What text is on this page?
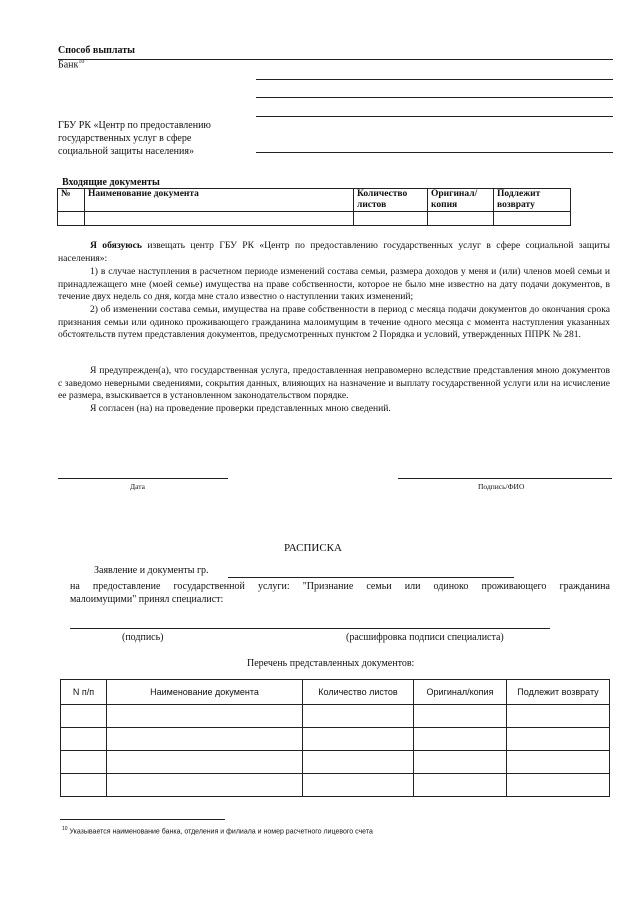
Способ выплаты
Банк$^{10}$
ГБУ РК «Центр по предоставлению
государственных услуг в сфере
социальной защиты населения»
Входящие документы
№	Наименование документа	Количество листов	Оригинал/ копия	Подлежит возврату

Я обязуюсь извещать центр ГБУ РК «Центр по предоставлению государственных услуг в сфере социальной защиты населения»:
1) в случае наступления в расчетном периоде изменений состава семьи, размера доходов у меня и (или) членов моей семьи и принадлежащего мне (моей семье) имущества на праве собственности, которое не было мне известно на дату подачи документов, в течение двух недель со дня, когда мне стало известно о наступлении таких изменений;
2) об изменении состава семьи, имущества на праве собственности в период с месяца подачи документов до окончания срока признания семьи или одиноко проживающего гражданина малоимущим в течение одного месяца с момента наступления указанных обстоятельств путем представления документов, предусмотренных пунктом 2 Порядка и условий, утвержденных ППРК № 281.
Я предупрежден(а), что государственная услуга, предоставленная неправомерно вследствие представления мною документов с заведомо неверными сведениями, сокрытия данных, влияющих на назначение и выплату государственной услуги или на исчисление ее размера, взыскивается в установленном законодательством порядке.
Я согласен (на) на проведение проверки представленных мною сведений.
Дата	Подпись/ФИО
РАСПИСКА
Заявление и документы гр.
на предоставление государственной услуги: "Признание семьи или одиноко проживающего гражданина
малоимущими" принял специалист:
(подпись)	(расшифровка подписи специалиста)
Перечень представленных документов:
N п/п	Наименование документа	Количество листов	Оригинал/копия	Подлежит возврату

$^{10}$ Указывается наименование банка, отделения и филиала и номер расчетного лицевого счета
